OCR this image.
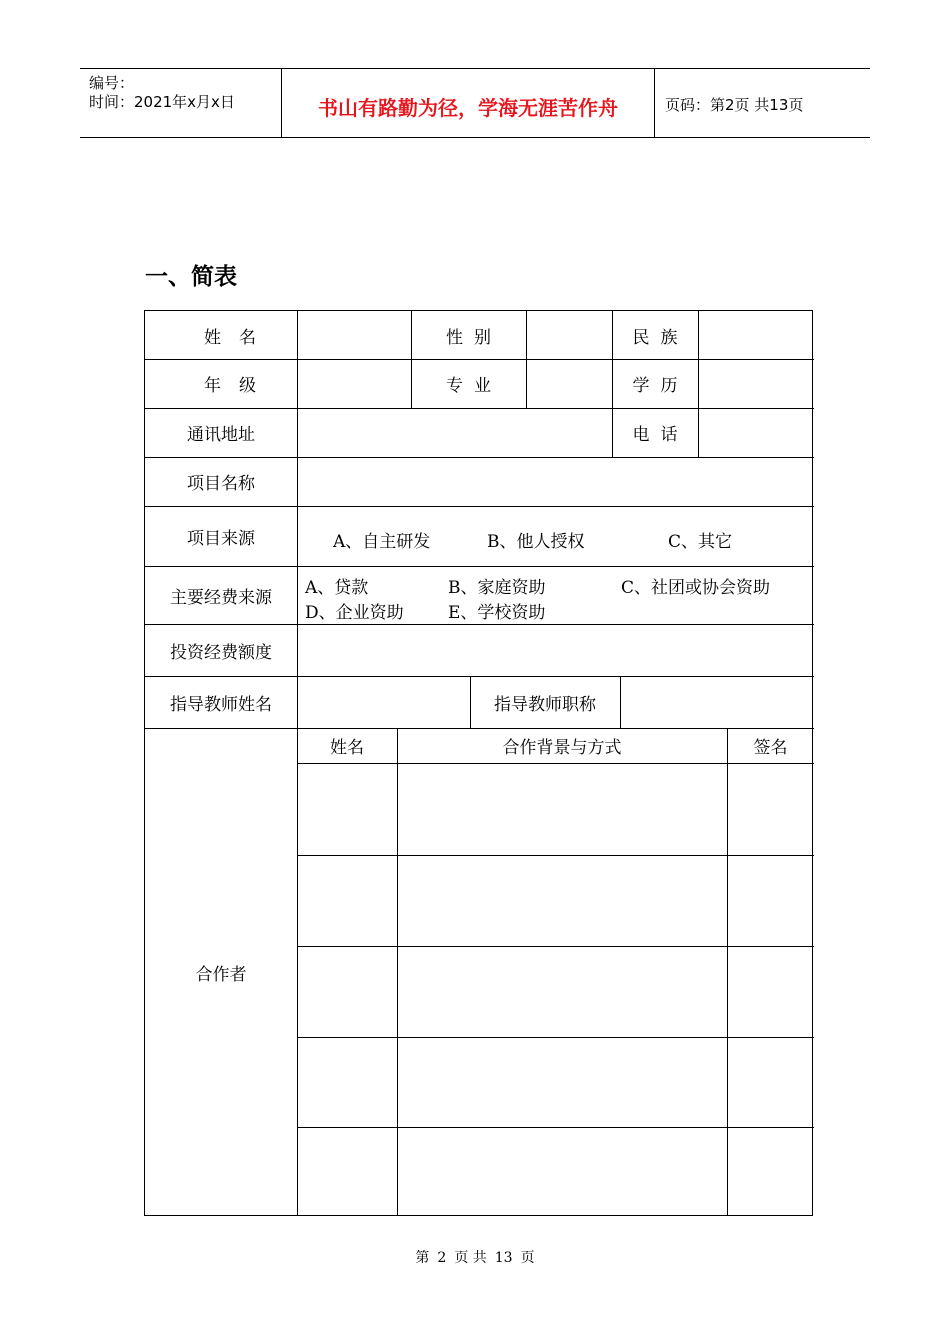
编号：
时间：2021年x月x日	书山有路勤为径，学海无涯苦作舟	页码：第2页 共13页
一、简表
姓名	性别	民族
年级	专业	学历
通讯地址	电话
项目名称
项目来源	A、自主研发	B、他人授权	C、其它
主要经费来源	A、贷款	B、家庭资助	C、社团或协会资助
D、企业资助	E、学校资助
投资经费额度
指导教师姓名	指导教师职称
合作者
姓名	合作背景与方式	签名
第 2 页 共 13 页
